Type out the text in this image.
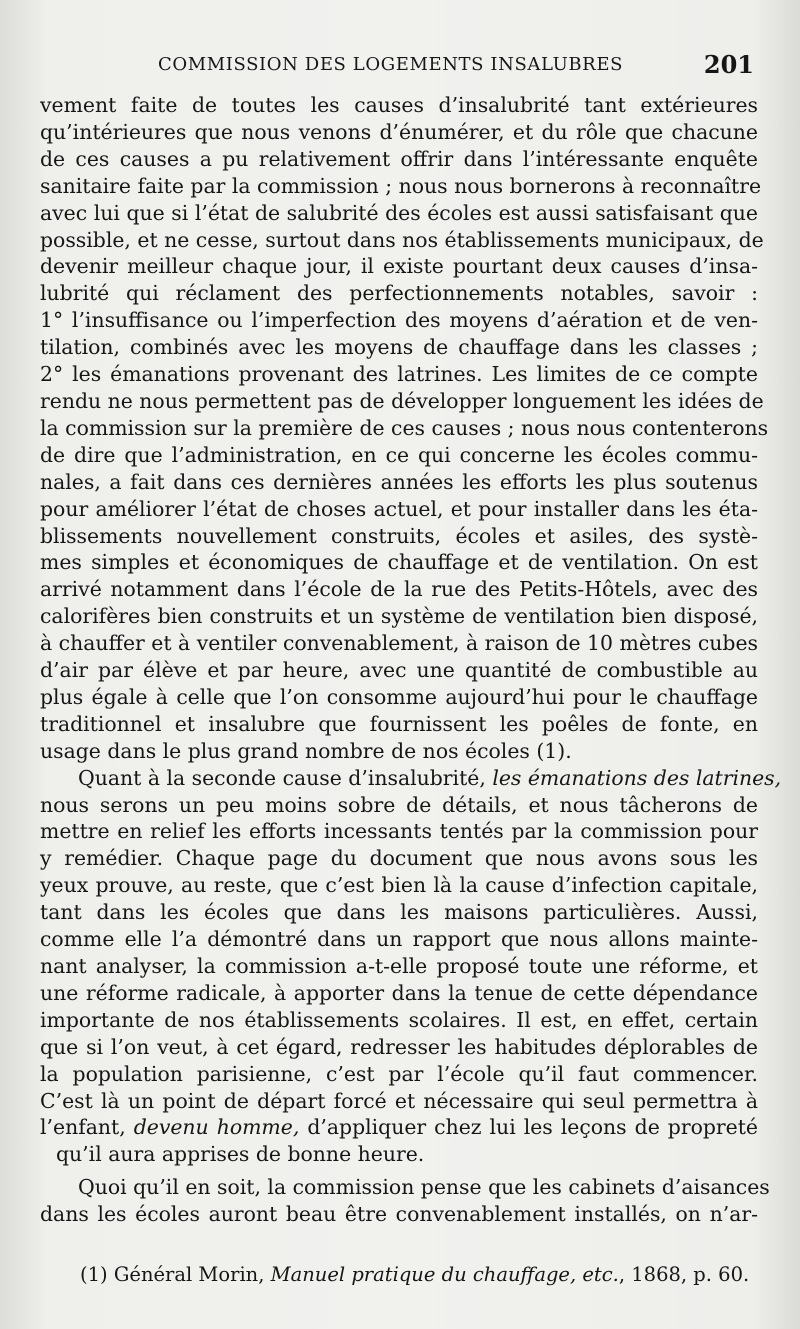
COMMISSION DES LOGEMENTS INSALUBRES	201

vement faite de toutes les causes d’insalubrité tant extérieures
qu’intérieures que nous venons d’énumérer, et du rôle que chacune
de ces causes a pu relativement offrir dans l’intéressante enquête
sanitaire faite par la commission ; nous nous bornerons à reconnaître
avec lui que si l’état de salubrité des écoles est aussi satisfaisant que
possible, et ne cesse, surtout dans nos établissements municipaux, de
devenir meilleur chaque jour, il existe pourtant deux causes d’insa-
lubrité qui réclament des perfectionnements notables, savoir :
1° l’insuffisance ou l’imperfection des moyens d’aération et de ven-
tilation, combinés avec les moyens de chauffage dans les classes ;
2° les émanations provenant des latrines. Les limites de ce compte
rendu ne nous permettent pas de développer longuement les idées de
la commission sur la première de ces causes ; nous nous contenterons
de dire que l’administration, en ce qui concerne les écoles commu-
nales, a fait dans ces dernières années les efforts les plus soutenus
pour améliorer l’état de choses actuel, et pour installer dans les éta-
blissements nouvellement construits, écoles et asiles, des systè-
mes simples et économiques de chauffage et de ventilation. On est
arrivé notamment dans l’école de la rue des Petits-Hôtels, avec des
calorifères bien construits et un système de ventilation bien disposé,
à chauffer et à ventiler convenablement, à raison de 10 mètres cubes
d’air par élève et par heure, avec une quantité de combustible au
plus égale à celle que l’on consomme aujourd’hui pour le chauffage
traditionnel et insalubre que fournissent les poêles de fonte, en
usage dans le plus grand nombre de nos écoles (1).

Quant à la seconde cause d’insalubrité, les émanations des latrines,
nous serons un peu moins sobre de détails, et nous tâcherons de
mettre en relief les efforts incessants tentés par la commission pour
y remédier. Chaque page du document que nous avons sous les
yeux prouve, au reste, que c’est bien là la cause d’infection capitale,
tant dans les écoles que dans les maisons particulières. Aussi,
comme elle l’a démontré dans un rapport que nous allons mainte-
nant analyser, la commission a-t-elle proposé toute une réforme, et
une réforme radicale, à apporter dans la tenue de cette dépendance
importante de nos établissements scolaires. Il est, en effet, certain
que si l’on veut, à cet égard, redresser les habitudes déplorables de
la population parisienne, c’est par l’école qu’il faut commencer.
C’est là un point de départ forcé et nécessaire qui seul permettra à
l’enfant, devenu homme, d’appliquer chez lui les leçons de propreté
qu’il aura apprises de bonne heure.

Quoi qu’il en soit, la commission pense que les cabinets d’aisances
dans les écoles auront beau être convenablement installés, on n’ar-

(1) Général Morin, Manuel pratique du chauffage, etc., 1868, p. 60.
